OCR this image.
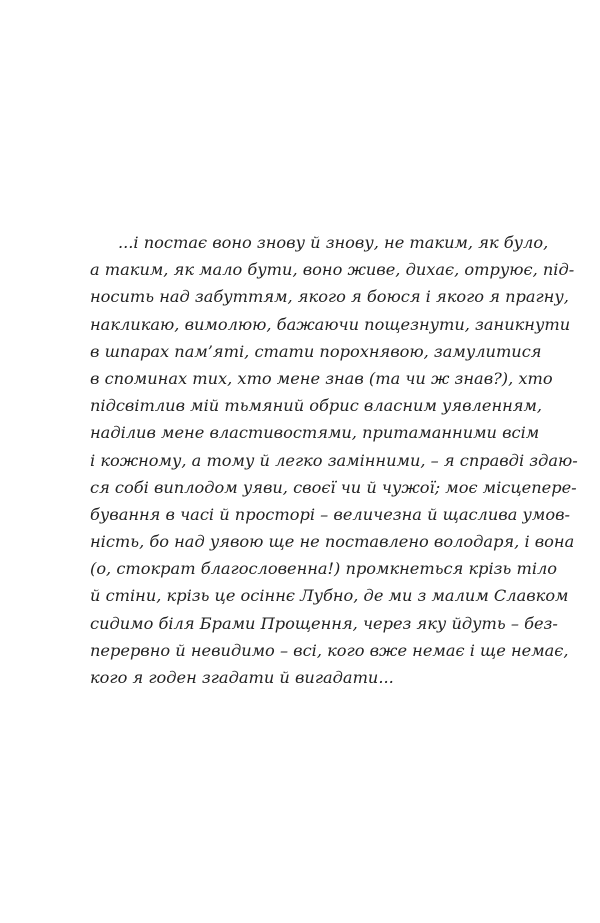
...і постає воно знову й знову, не таким, як було,
а таким, як мало бути, воно живе, дихає, отруює, під-
носить над забуттям, якого я боюся і якого я прагну,
накликаю, вимолюю, бажаючи пощезнути, заникнути
в шпарах пам’яті, стати порохнявою, замулитися
в споминах тих, хто мене знав (та чи ж знав?), хто
підсвітлив мій тьмяний обрис власним уявленням,
наділив мене властивостями, притаманними всім
і кожному, а тому й легко замінними, – я справді здаю-
ся собі виплодом уяви, своєї чи й чужої; моє місцепере-
бування в часі й просторі – величезна й щаслива умов-
ність, бо над уявою ще не поставлено володаря, і вона
(о, стократ благословенна!) промкнеться крізь тіло
й стіни, крізь це осіннє Лубно, де ми з малим Славком
сидимо біля Брами Прощення, через яку йдуть – без-
перервно й невидимо – всі, кого вже немає і ще немає,
кого я годен згадати й вигадати...
